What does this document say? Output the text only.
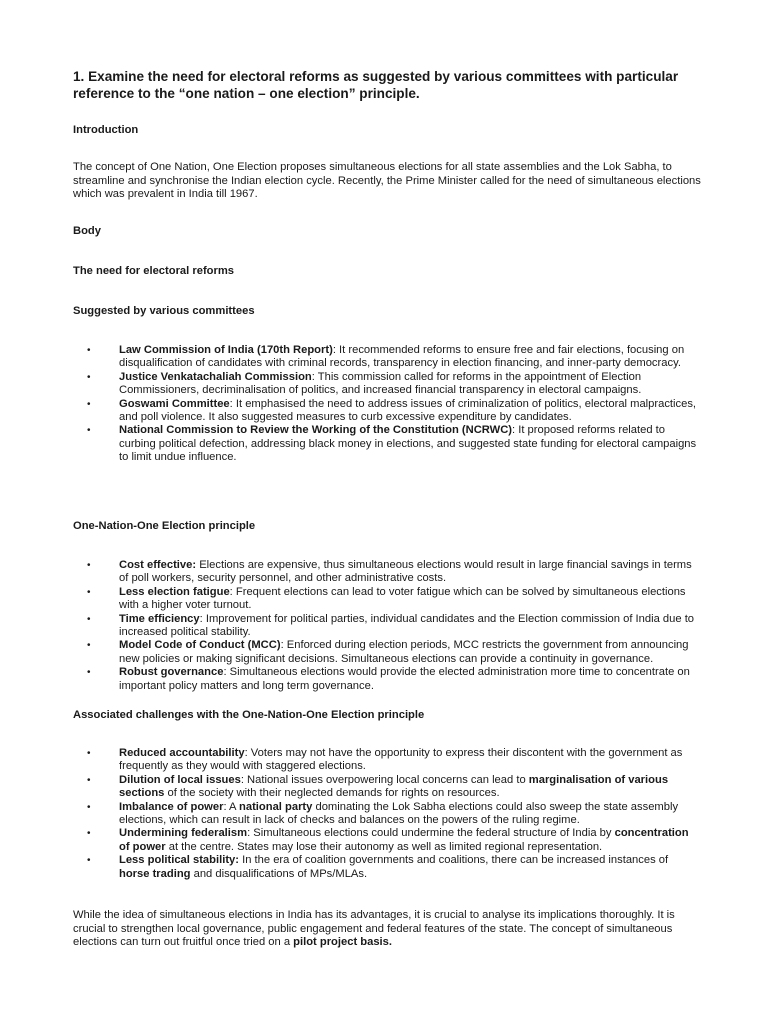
1. Examine the need for electoral reforms as suggested by various committees with particular reference to the “one nation – one election” principle.
Introduction
The concept of One Nation, One Election proposes simultaneous elections for all state assemblies and the Lok Sabha, to streamline and synchronise the Indian election cycle. Recently, the Prime Minister called for the need of simultaneous elections which was prevalent in India till 1967.
Body
The need for electoral reforms
Suggested by various committees
•	Law Commission of India (170th Report): It recommended reforms to ensure free and fair elections, focusing on disqualification of candidates with criminal records, transparency in election financing, and inner-party democracy.
•	Justice Venkatachaliah Commission: This commission called for reforms in the appointment of Election Commissioners, decriminalisation of politics, and increased financial transparency in electoral campaigns.
•	Goswami Committee: It emphasised the need to address issues of criminalization of politics, electoral malpractices, and poll violence. It also suggested measures to curb excessive expenditure by candidates.
•	National Commission to Review the Working of the Constitution (NCRWC): It proposed reforms related to curbing political defection, addressing black money in elections, and suggested state funding for electoral campaigns to limit undue influence.
One-Nation-One Election principle
•	Cost effective: Elections are expensive, thus simultaneous elections would result in large financial savings in terms of poll workers, security personnel, and other administrative costs.
•	Less election fatigue: Frequent elections can lead to voter fatigue which can be solved by simultaneous elections with a higher voter turnout.
•	Time efficiency: Improvement for political parties, individual candidates and the Election commission of India due to increased political stability.
•	Model Code of Conduct (MCC): Enforced during election periods, MCC restricts the government from announcing new policies or making significant decisions. Simultaneous elections can provide a continuity in governance.
•	Robust governance: Simultaneous elections would provide the elected administration more time to concentrate on important policy matters and long term governance.
Associated challenges with the One-Nation-One Election principle
•	Reduced accountability: Voters may not have the opportunity to express their discontent with the government as frequently as they would with staggered elections.
•	Dilution of local issues: National issues overpowering local concerns can lead to marginalisation of various sections of the society with their neglected demands for rights on resources.
•	Imbalance of power: A national party dominating the Lok Sabha elections could also sweep the state assembly elections, which can result in lack of checks and balances on the powers of the ruling regime.
•	Undermining federalism: Simultaneous elections could undermine the federal structure of India by concentration of power at the centre. States may lose their autonomy as well as limited regional representation.
•	Less political stability: In the era of coalition governments and coalitions, there can be increased instances of horse trading and disqualifications of MPs/MLAs.
While the idea of simultaneous elections in India has its advantages, it is crucial to analyse its implications thoroughly. It is crucial to strengthen local governance, public engagement and federal features of the state. The concept of simultaneous elections can turn out fruitful once tried on a pilot project basis.
